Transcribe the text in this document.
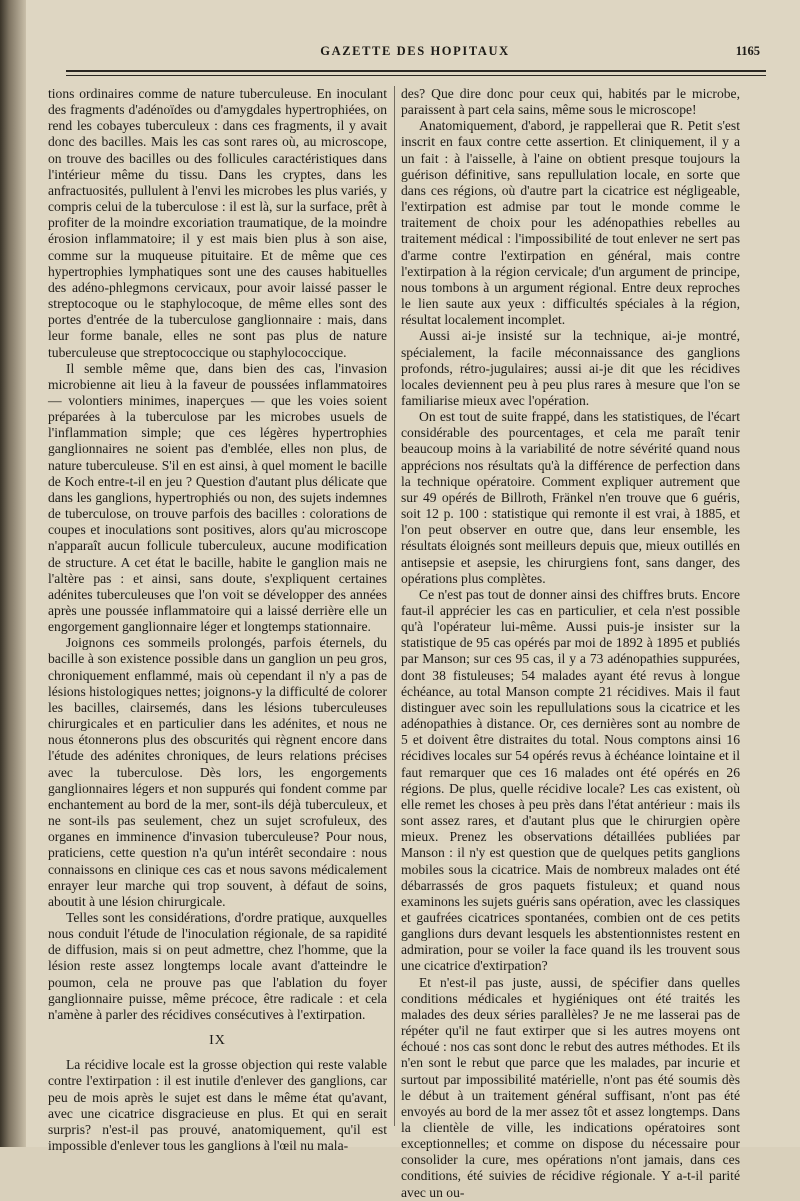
GAZETTE DES HOPITAUX	1165

tions ordinaires comme de nature tuberculeuse. En inoculant des fragments d'adénoïdes ou d'amygdales hypertrophiées, on rend les cobayes tuberculeux : dans ces fragments, il y avait donc des bacilles. Mais les cas sont rares où, au microscope, on trouve des bacilles ou des follicules caractéristiques dans l'intérieur même du tissu. Dans les cryptes, dans les anfractuosités, pullulent à l'envi les microbes les plus variés, y compris celui de la tuberculose : il est là, sur la surface, prêt à profiter de la moindre excoriation traumatique, de la moindre érosion inflammatoire; il y est mais bien plus à son aise, comme sur la muqueuse pituitaire. Et de même que ces hypertrophies lymphatiques sont une des causes habituelles des adéno-phlegmons cervicaux, pour avoir laissé passer le streptocoque ou le staphylocoque, de même elles sont des portes d'entrée de la tuberculose ganglionnaire : mais, dans leur forme banale, elles ne sont pas plus de nature tuberculeuse que streptococcique ou staphylococcique.

Il semble même que, dans bien des cas, l'invasion microbienne ait lieu à la faveur de poussées inflammatoires — volontiers minimes, inaperçues — que les voies soient préparées à la tuberculose par les microbes usuels de l'inflammation simple; que ces légères hypertrophies ganglionnaires ne soient pas d'emblée, elles non plus, de nature tuberculeuse. S'il en est ainsi, à quel moment le bacille de Koch entre-t-il en jeu ? Question d'autant plus délicate que dans les ganglions, hypertrophiés ou non, des sujets indemnes de tuberculose, on trouve parfois des bacilles : colorations de coupes et inoculations sont positives, alors qu'au microscope n'apparaît aucun follicule tuberculeux, aucune modification de structure. A cet état le bacille, habite le ganglion mais ne l'altère pas : et ainsi, sans doute, s'expliquent certaines adénites tuberculeuses que l'on voit se développer des années après une poussée inflammatoire qui a laissé derrière elle un engorgement ganglionnaire léger et longtemps stationnaire.

Joignons ces sommeils prolongés, parfois éternels, du bacille à son existence possible dans un ganglion un peu gros, chroniquement enflammé, mais où cependant il n'y a pas de lésions histologiques nettes; joignons-y la difficulté de colorer les bacilles, clairsemés, dans les lésions tuberculeuses chirurgicales et en particulier dans les adénites, et nous ne nous étonnerons plus des obscurités qui règnent encore dans l'étude des adénites chroniques, de leurs relations précises avec la tuberculose. Dès lors, les engorgements ganglionnaires légers et non suppurés qui fondent comme par enchantement au bord de la mer, sont-ils déjà tuberculeux, et ne sont-ils pas seulement, chez un sujet scrofuleux, des organes en imminence d'invasion tuberculeuse? Pour nous, praticiens, cette question n'a qu'un intérêt secondaire : nous connaissons en clinique ces cas et nous savons médicalement enrayer leur marche qui trop souvent, à défaut de soins, aboutit à une lésion chirurgicale.

Telles sont les considérations, d'ordre pratique, auxquelles nous conduit l'étude de l'inoculation régionale, de sa rapidité de diffusion, mais si on peut admettre, chez l'homme, que la lésion reste assez longtemps locale avant d'atteindre le poumon, cela ne prouve pas que l'ablation du foyer ganglionnaire puisse, même précoce, être radicale : et cela n'amène à parler des récidives consécutives à l'extirpation.

IX

La récidive locale est la grosse objection qui reste valable contre l'extirpation : il est inutile d'enlever des ganglions, car peu de mois après le sujet est dans le même état qu'avant, avec une cicatrice disgracieuse en plus. Et qui en serait surpris? n'est-il pas prouvé, anatomiquement, qu'il est impossible d'enlever tous les ganglions à l'œil nu mala-

des? Que dire donc pour ceux qui, habités par le microbe, paraissent à part cela sains, même sous le microscope!

Anatomiquement, d'abord, je rappellerai que R. Petit s'est inscrit en faux contre cette assertion. Et cliniquement, il y a un fait : à l'aisselle, à l'aine on obtient presque toujours la guérison définitive, sans repullulation locale, en sorte que dans ces régions, où d'autre part la cicatrice est négligeable, l'extirpation est admise par tout le monde comme le traitement de choix pour les adénopathies rebelles au traitement médical : l'impossibilité de tout enlever ne sert pas d'arme contre l'extirpation en général, mais contre l'extirpation à la région cervicale; d'un argument de principe, nous tombons à un argument régional. Entre deux reproches le lien saute aux yeux : difficultés spéciales à la région, résultat localement incomplet.

Aussi ai-je insisté sur la technique, ai-je montré, spécialement, la facile méconnaissance des ganglions profonds, rétro-jugulaires; aussi ai-je dit que les récidives locales deviennent peu à peu plus rares à mesure que l'on se familiarise mieux avec l'opération.

On est tout de suite frappé, dans les statistiques, de l'écart considérable des pourcentages, et cela me paraît tenir beaucoup moins à la variabilité de notre sévérité quand nous apprécions nos résultats qu'à la différence de perfection dans la technique opératoire. Comment expliquer autrement que sur 49 opérés de Billroth, Fränkel n'en trouve que 6 guéris, soit 12 p. 100 : statistique qui remonte il est vrai, à 1885, et l'on peut observer en outre que, dans leur ensemble, les résultats éloignés sont meilleurs depuis que, mieux outillés en antisepsie et asepsie, les chirurgiens font, sans danger, des opérations plus complètes.

Ce n'est pas tout de donner ainsi des chiffres bruts. Encore faut-il apprécier les cas en particulier, et cela n'est possible qu'à l'opérateur lui-même. Aussi puis-je insister sur la statistique de 95 cas opérés par moi de 1892 à 1895 et publiés par Manson; sur ces 95 cas, il y a 73 adénopathies suppurées, dont 38 fistuleuses; 54 malades ayant été revus à longue échéance, au total Manson compte 21 récidives. Mais il faut distinguer avec soin les repullulations sous la cicatrice et les adénopathies à distance. Or, ces dernières sont au nombre de 5 et doivent être distraites du total. Nous comptons ainsi 16 récidives locales sur 54 opérés revus à échéance lointaine et il faut remarquer que ces 16 malades ont été opérés en 26 régions. De plus, quelle récidive locale? Les cas existent, où elle remet les choses à peu près dans l'état antérieur : mais ils sont assez rares, et d'autant plus que le chirurgien opère mieux. Prenez les observations détaillées publiées par Manson : il n'y est question que de quelques petits ganglions mobiles sous la cicatrice. Mais de nombreux malades ont été débarrassés de gros paquets fistuleux; et quand nous examinons les sujets guéris sans opération, avec les classiques et gaufrées cicatrices spontanées, combien ont de ces petits ganglions durs devant lesquels les abstentionnistes restent en admiration, pour se voiler la face quand ils les trouvent sous une cicatrice d'extirpation?

Et n'est-il pas juste, aussi, de spécifier dans quelles conditions médicales et hygiéniques ont été traités les malades des deux séries parallèles? Je ne me lasserai pas de répéter qu'il ne faut extirper que si les autres moyens ont échoué : nos cas sont donc le rebut des autres méthodes. Et ils n'en sont le rebut que parce que les malades, par incurie et surtout par impossibilité matérielle, n'ont pas été soumis dès le début à un traitement général suffisant, n'ont pas été envoyés au bord de la mer assez tôt et assez longtemps. Dans la clientèle de ville, les indications opératoires sont exceptionnelles; et comme on dispose du nécessaire pour consolider la cure, mes opérations n'ont jamais, dans ces conditions, été suivies de récidive régionale. Y a-t-il parité avec un ou-
